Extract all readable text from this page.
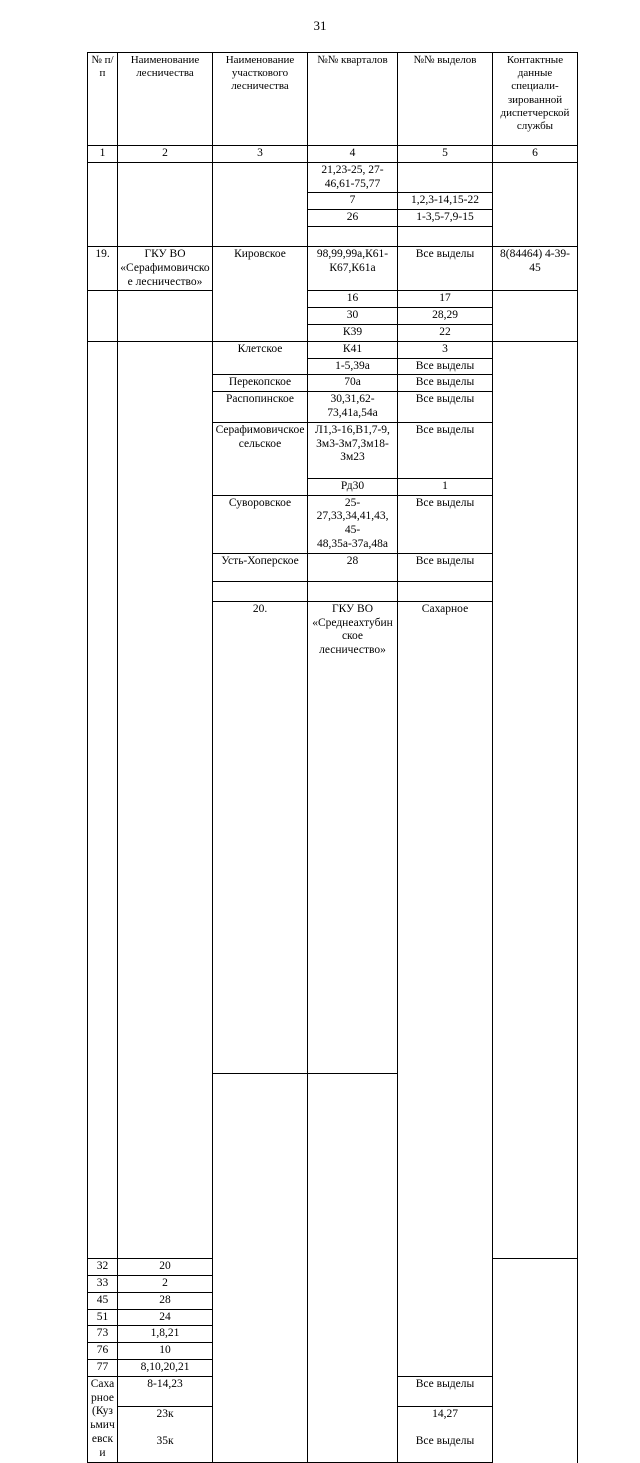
31
№ п/п	Наименование лесничества	Наименование участкового лесничества	№№ кварталов	№№ выделов	Контактные данные специали-зированной диспетчерской службы	
1	2	3	4	5	6	
			21,23-25, 27-46,61-75,77			
			7	1,2,3-14,15-22		
			26	1-3,5-7,9-15		

19.	ГКУ ВО «Серафимовичское лесничество»	Кировское	98,99,99а,К61-К67,К61а	Все выделы	8(84464) 4-39-45	
			16	17		
			30	28,29		
			К39	22		
		Клетское	К41	3		
			1-5,39а	Все выделы		
		Перекопское	70а	Все выделы		
		Распопинское	30,31,62-73,41а,54а	Все выделы		
		Серафимовичское сельское	Л1,3-16,В1,7-9, Зм3-Зм7,Зм18-Зм23	Все выделы		
			Рд30	1		
		Суворовское	25-27,33,34,41,43, 45-48,35а-37а,48а	Все выделы		
		Усть-Хоперское	28	Все выделы		

		20.	ГКУ ВО «Среднеахтубинское лесничество»	Сахарное			

32	20					
33	2					
45	28					
51	24					
73	1,8,21					
76	10					
77	8,10,20,21					
Сахарное (Кузьмичевски	8-14,23			Все выделы		
	23к			14,27		
	35к			Все выделы		
